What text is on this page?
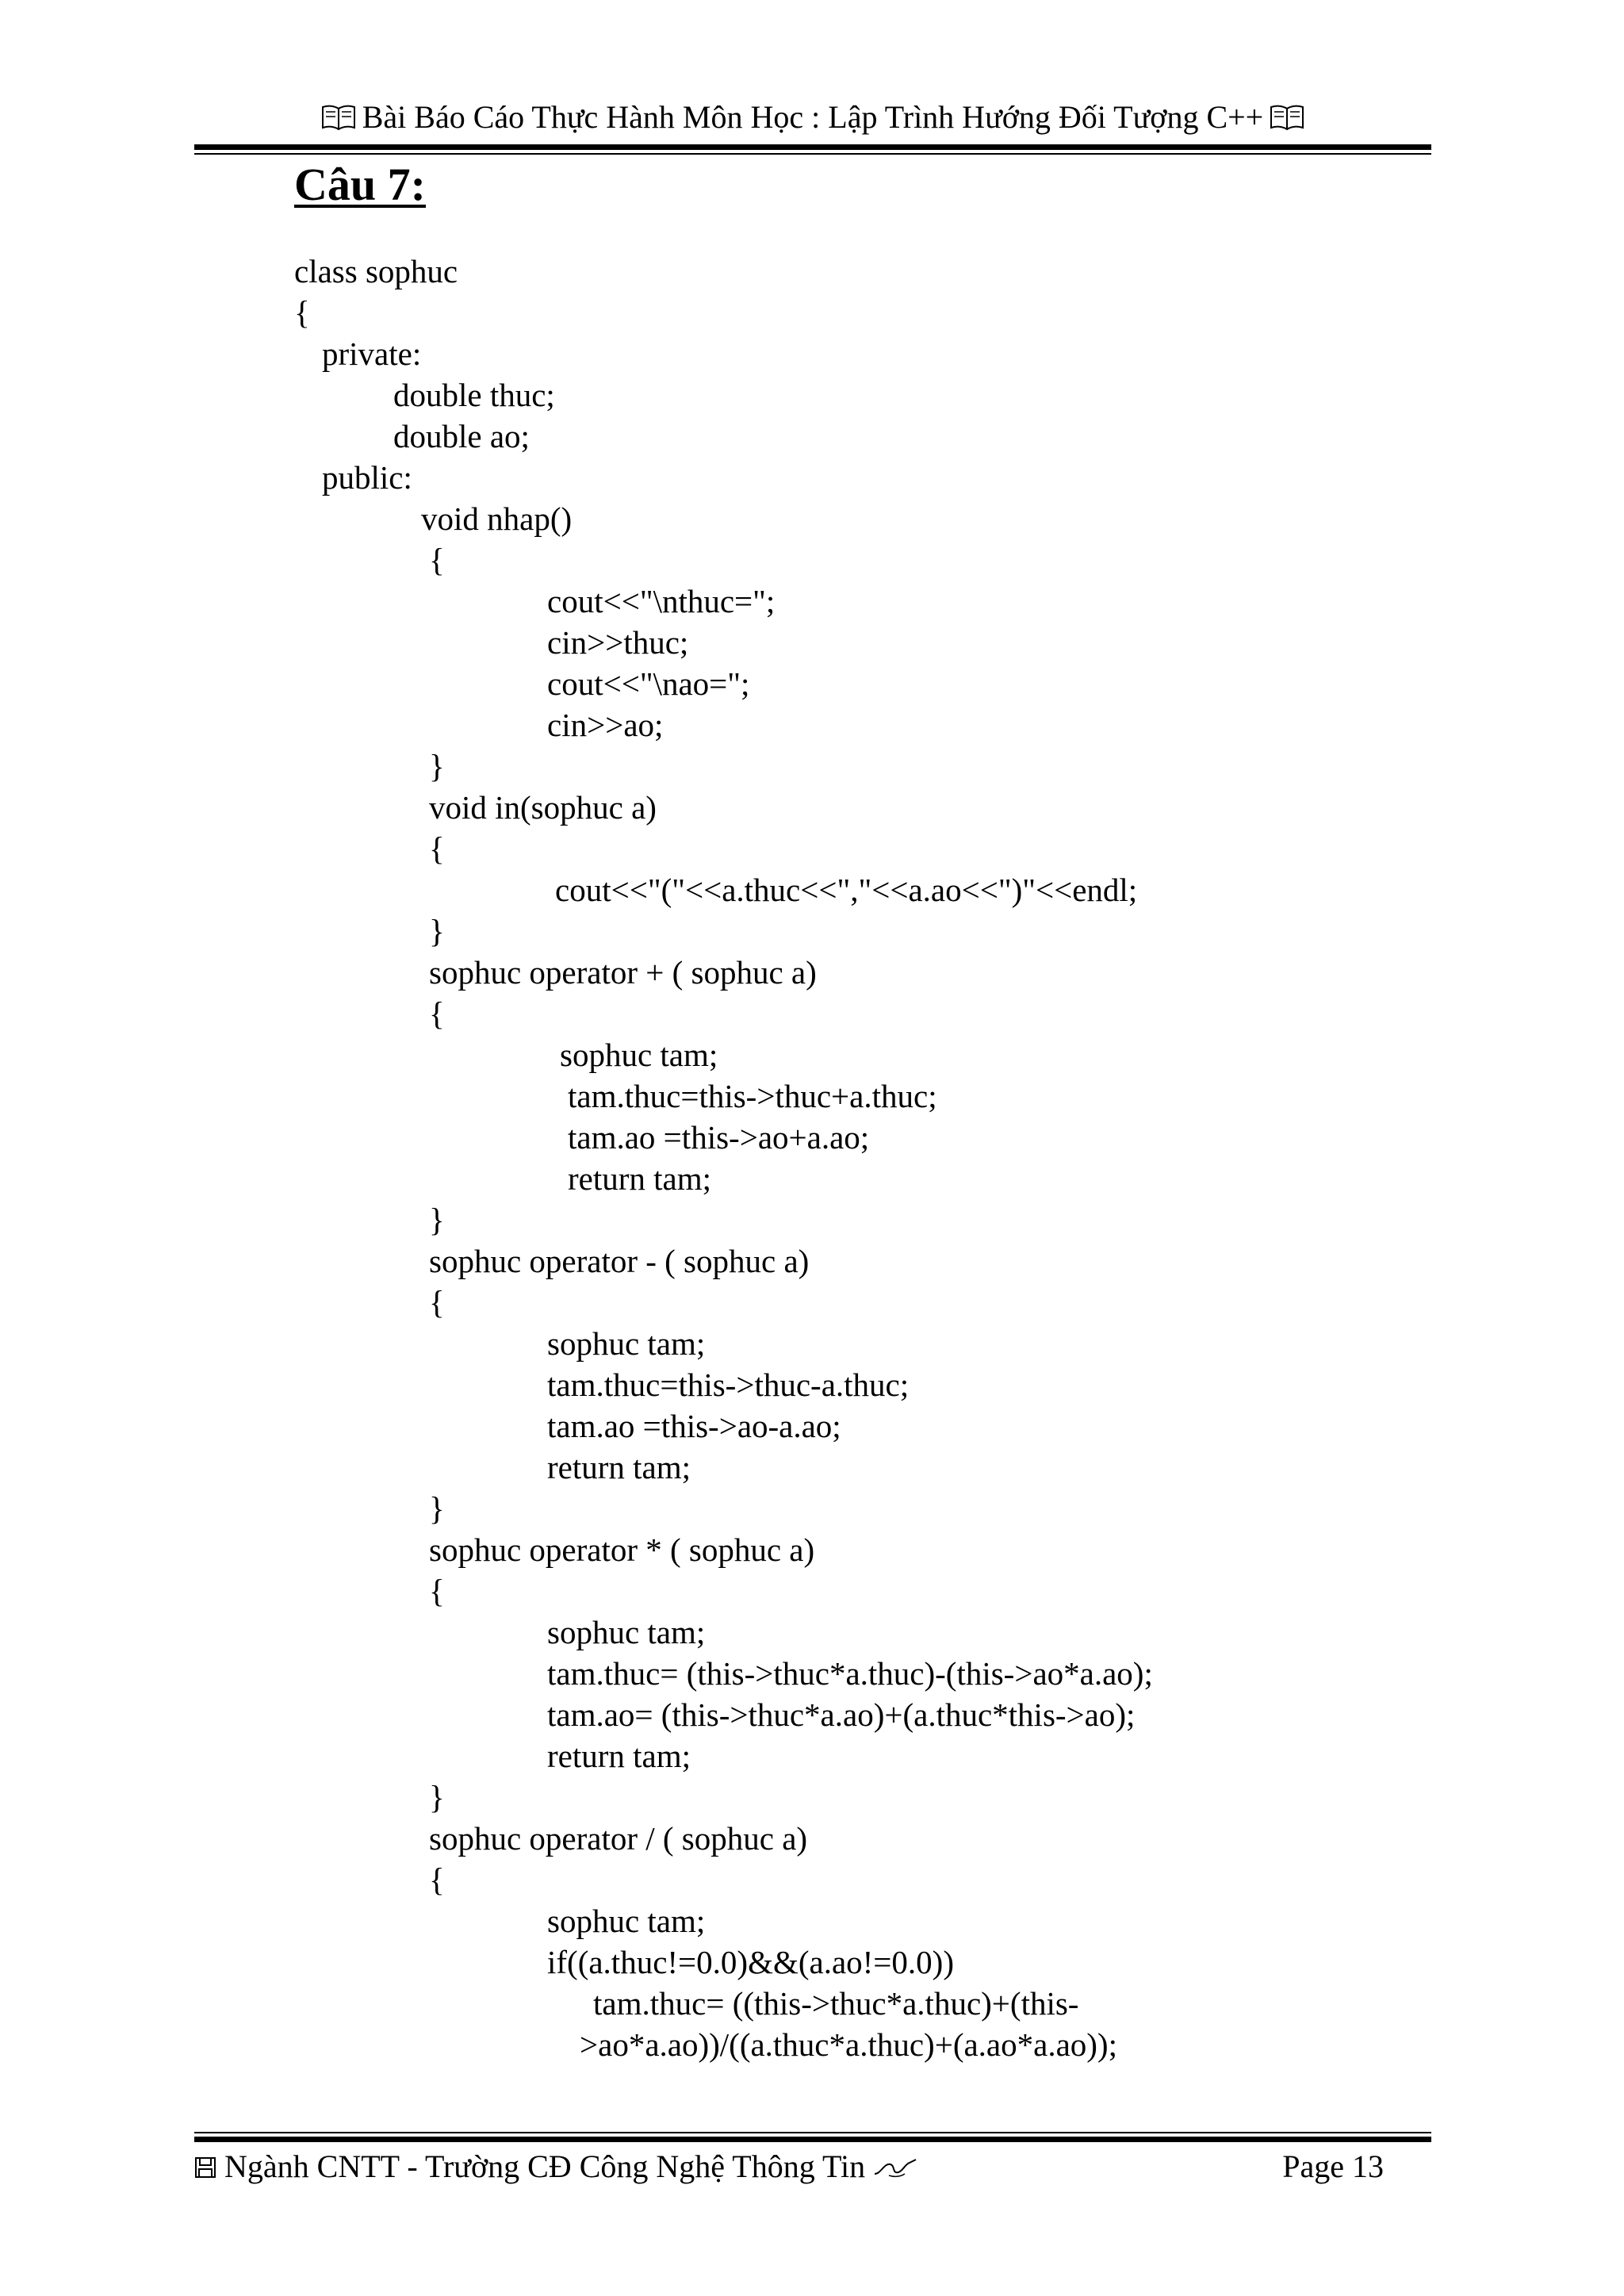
Bài Báo Cáo Thực Hành Môn Học : Lập Trình Hướng Đối Tượng C++
Câu 7:
class sophuc
{
private:
double thuc;
double ao;
public:
void nhap()
{
cout<<"\nthuc=";
cin>>thuc;
cout<<"\nao=";
cin>>ao;
}
void in(sophuc a)
{
cout<<"("<<a.thuc<<","<<a.ao<<")"<<endl;
}
sophuc operator + ( sophuc a)
{
sophuc tam;
tam.thuc=this->thuc+a.thuc;
tam.ao =this->ao+a.ao;
return tam;
}
sophuc operator - ( sophuc a)
{
sophuc tam;
tam.thuc=this->thuc-a.thuc;
tam.ao =this->ao-a.ao;
return tam;
}
sophuc operator * ( sophuc a)
{
sophuc tam;
tam.thuc= (this->thuc*a.thuc)-(this->ao*a.ao);
tam.ao= (this->thuc*a.ao)+(a.thuc*this->ao);
return tam;
}
sophuc operator / ( sophuc a)
{
sophuc tam;
if((a.thuc!=0.0)&&(a.ao!=0.0))
tam.thuc= ((this->thuc*a.thuc)+(this-
>ao*a.ao))/((a.thuc*a.thuc)+(a.ao*a.ao));
Ngành CNTT - Trường CĐ Công Nghệ Thông Tin	Page 13
